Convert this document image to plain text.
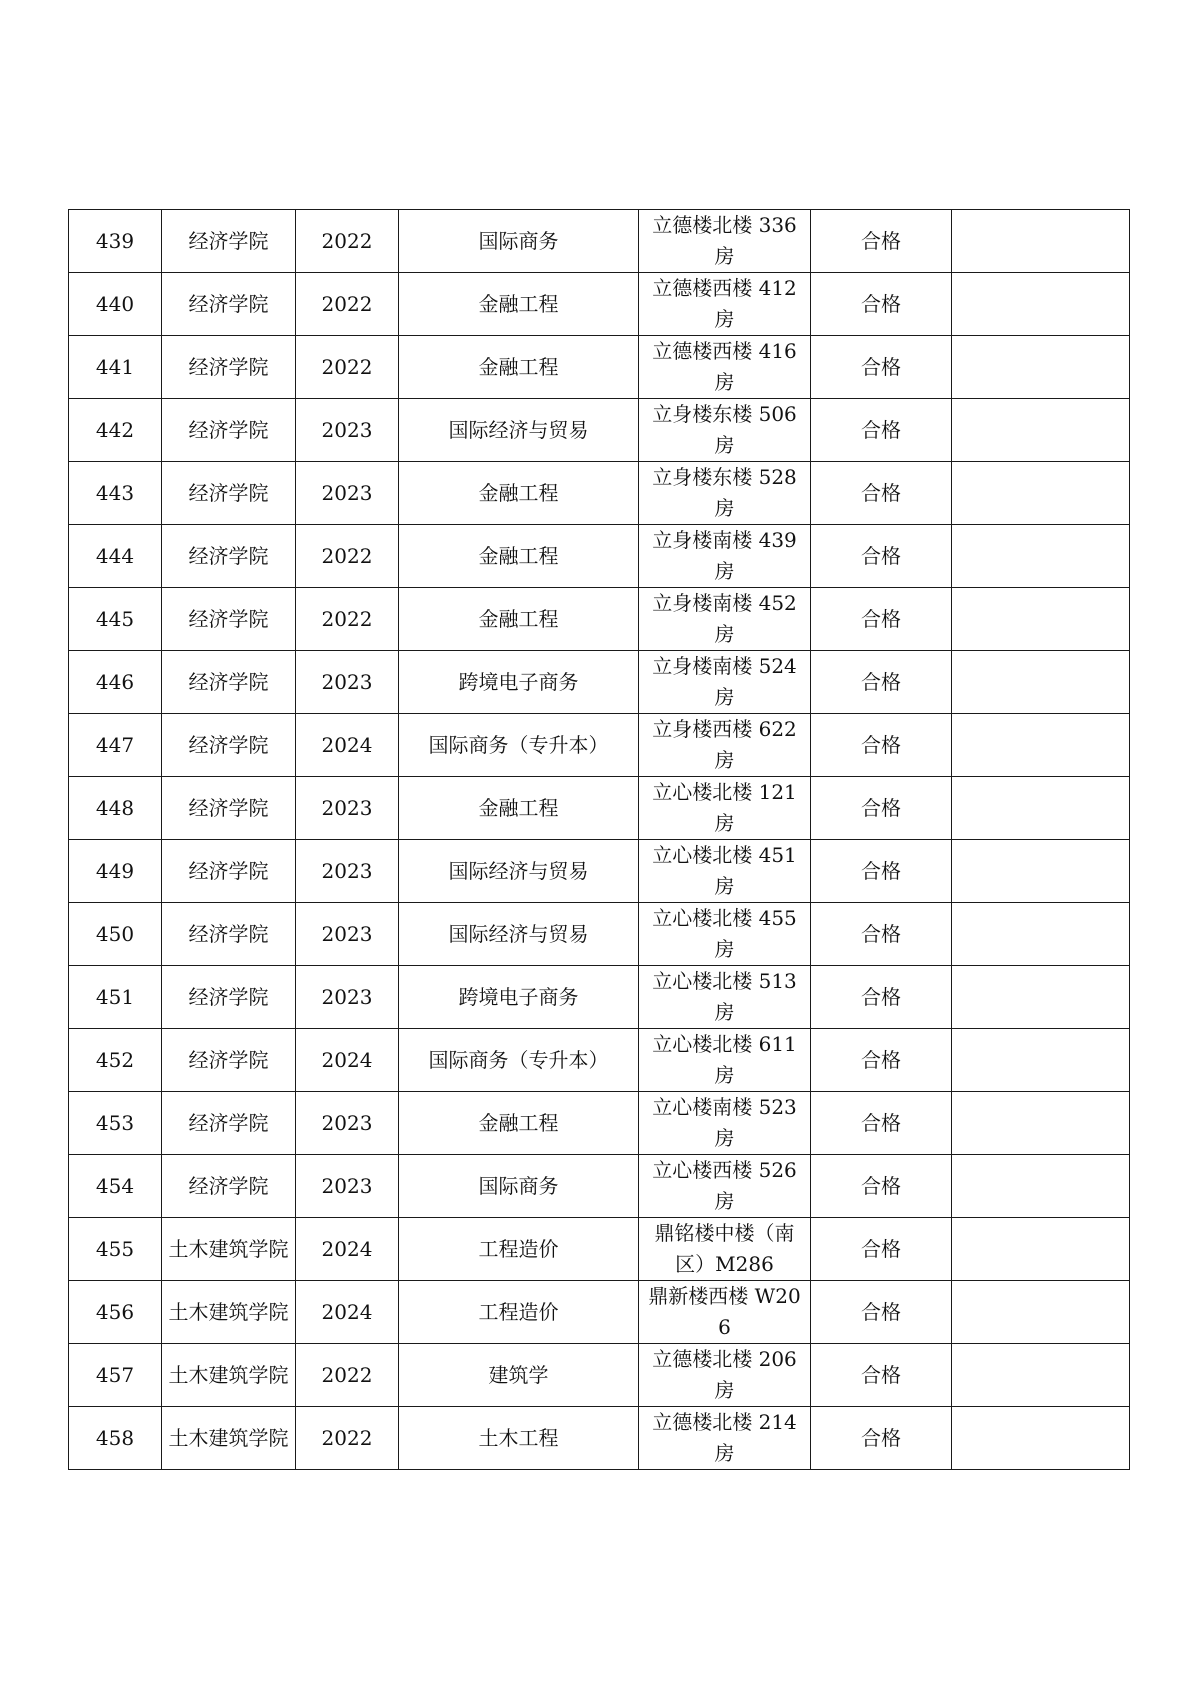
439	经济学院	2022	国际商务	立德楼北楼 336 房	合格	
440	经济学院	2022	金融工程	立德楼西楼 412 房	合格	
441	经济学院	2022	金融工程	立德楼西楼 416 房	合格	
442	经济学院	2023	国际经济与贸易	立身楼东楼 506 房	合格	
443	经济学院	2023	金融工程	立身楼东楼 528 房	合格	
444	经济学院	2022	金融工程	立身楼南楼 439 房	合格	
445	经济学院	2022	金融工程	立身楼南楼 452 房	合格	
446	经济学院	2023	跨境电子商务	立身楼南楼 524 房	合格	
447	经济学院	2024	国际商务（专升本）	立身楼西楼 622 房	合格	
448	经济学院	2023	金融工程	立心楼北楼 121 房	合格	
449	经济学院	2023	国际经济与贸易	立心楼北楼 451 房	合格	
450	经济学院	2023	国际经济与贸易	立心楼北楼 455 房	合格	
451	经济学院	2023	跨境电子商务	立心楼北楼 513 房	合格	
452	经济学院	2024	国际商务（专升本）	立心楼北楼 611 房	合格	
453	经济学院	2023	金融工程	立心楼南楼 523 房	合格	
454	经济学院	2023	国际商务	立心楼西楼 526 房	合格	
455	土木建筑学院	2024	工程造价	鼎铭楼中楼（南区）M286	合格	
456	土木建筑学院	2024	工程造价	鼎新楼西楼 W206	合格	
457	土木建筑学院	2022	建筑学	立德楼北楼 206 房	合格	
458	土木建筑学院	2022	土木工程	立德楼北楼 214 房	合格	
